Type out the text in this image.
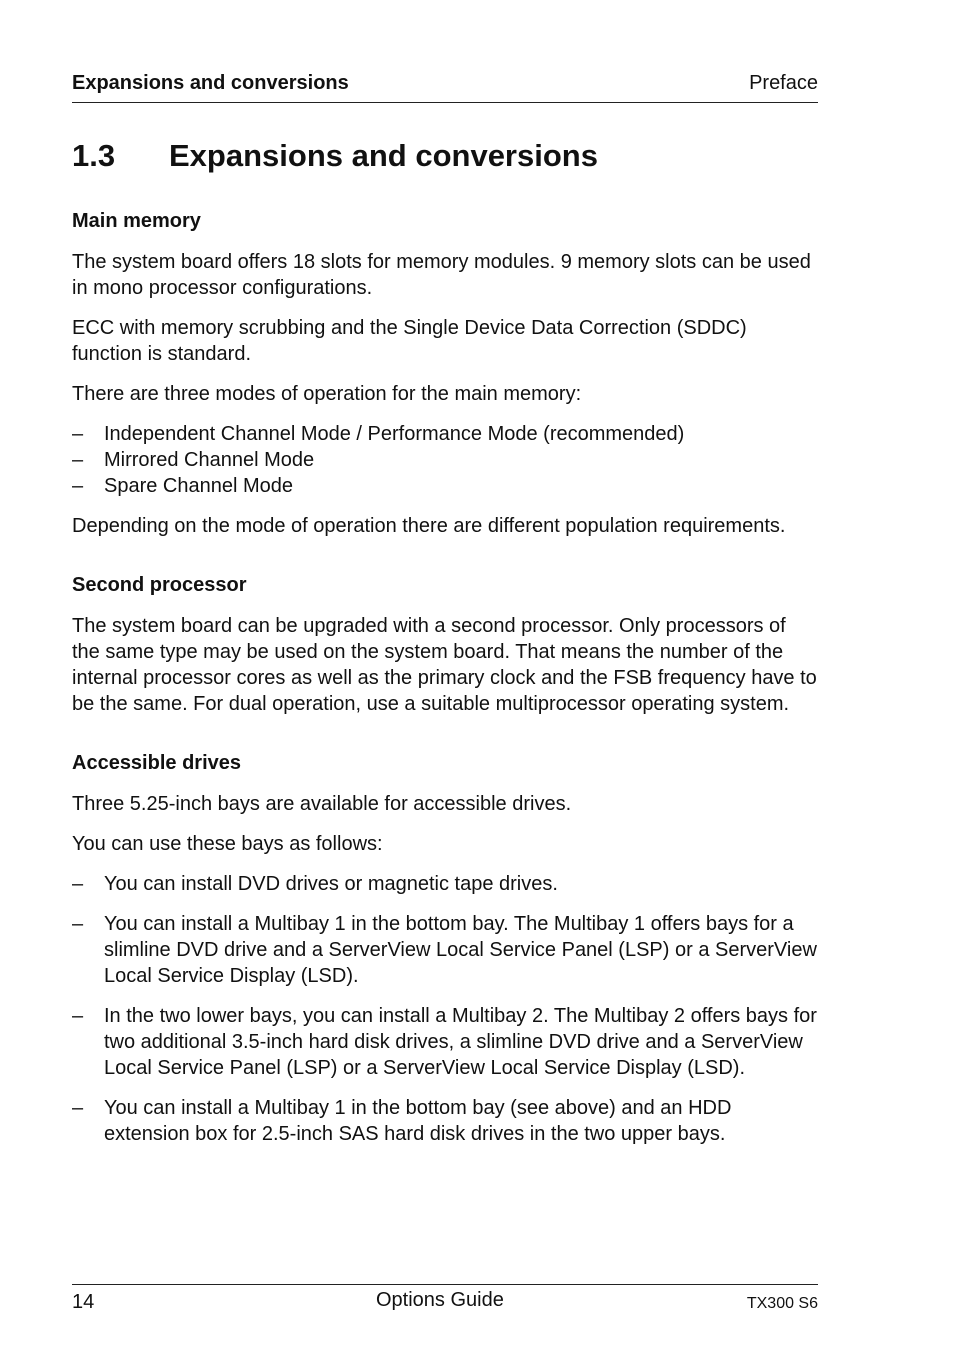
Expansions and conversions	Preface
1.3 Expansions and conversions
Main memory

The system board offers 18 slots for memory modules. 9 memory slots can be used in mono processor configurations.

ECC with memory scrubbing and the Single Device Data Correction (SDDC) function is standard.

There are three modes of operation for the main memory:

– Independent Channel Mode / Performance Mode (recommended)
– Mirrored Channel Mode
– Spare Channel Mode

Depending on the mode of operation there are different population requirements.

Second processor

The system board can be upgraded with a second processor. Only processors of the same type may be used on the system board. That means the number of the internal processor cores as well as the primary clock and the FSB frequency have to be the same. For dual operation, use a suitable multiprocessor operating system.

Accessible drives

Three 5.25-inch bays are available for accessible drives.

You can use these bays as follows:

– You can install DVD drives or magnetic tape drives.
– You can install a Multibay 1 in the bottom bay. The Multibay 1 offers bays for a slimline DVD drive and a ServerView Local Service Panel (LSP) or a ServerView Local Service Display (LSD).
– In the two lower bays, you can install a Multibay 2. The Multibay 2 offers bays for two additional 3.5-inch hard disk drives, a slimline DVD drive and a ServerView Local Service Panel (LSP) or a ServerView Local Service Display (LSD).
– You can install a Multibay 1 in the bottom bay (see above) and an HDD extension box for 2.5-inch SAS hard disk drives in the two upper bays.
14	Options Guide	TX300 S6
